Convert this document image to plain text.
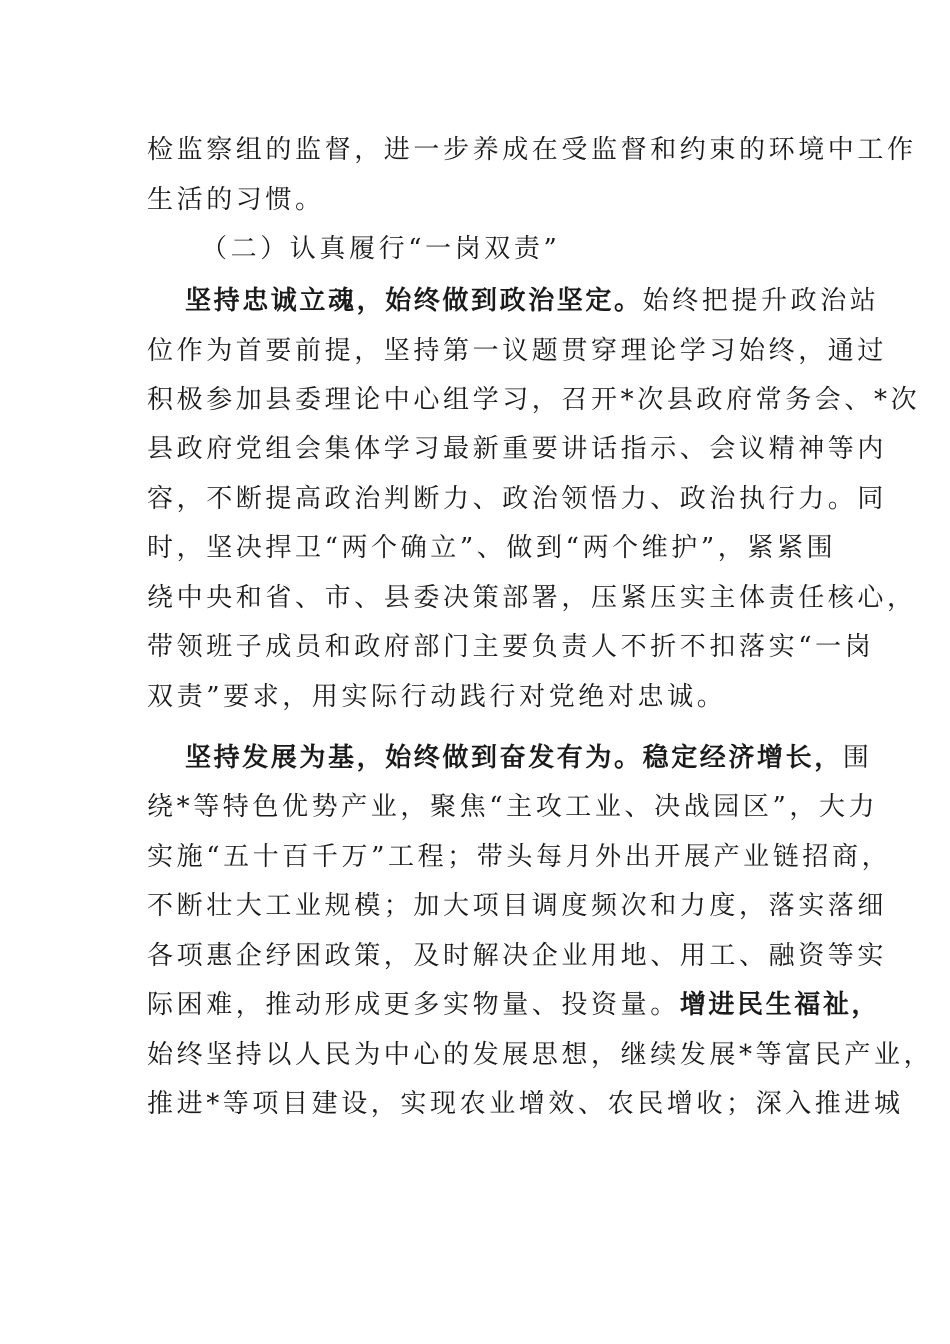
检监察组的监督，进一步养成在受监督和约束的环境中工作
生活的习惯。
（二）认真履行“一岗双责”
坚持忠诚立魂，始终做到政治坚定。始终把提升政治站
位作为首要前提，坚持第一议题贯穿理论学习始终，通过
积极参加县委理论中心组学习，召开*次县政府常务会、*次
县政府党组会集体学习最新重要讲话指示、会议精神等内
容，不断提高政治判断力、政治领悟力、政治执行力。同
时，坚决捍卫“两个确立”、做到“两个维护”，紧紧围
绕中央和省、市、县委决策部署，压紧压实主体责任核心，
带领班子成员和政府部门主要负责人不折不扣落实“一岗
双责”要求，用实际行动践行对党绝对忠诚。
坚持发展为基，始终做到奋发有为。稳定经济增长，围
绕*等特色优势产业，聚焦“主攻工业、决战园区”，大力
实施“五十百千万”工程；带头每月外出开展产业链招商，
不断壮大工业规模；加大项目调度频次和力度，落实落细
各项惠企纾困政策，及时解决企业用地、用工、融资等实
际困难，推动形成更多实物量、投资量。增进民生福祉，
始终坚持以人民为中心的发展思想，继续发展*等富民产业，
推进*等项目建设，实现农业增效、农民增收；深入推进城
